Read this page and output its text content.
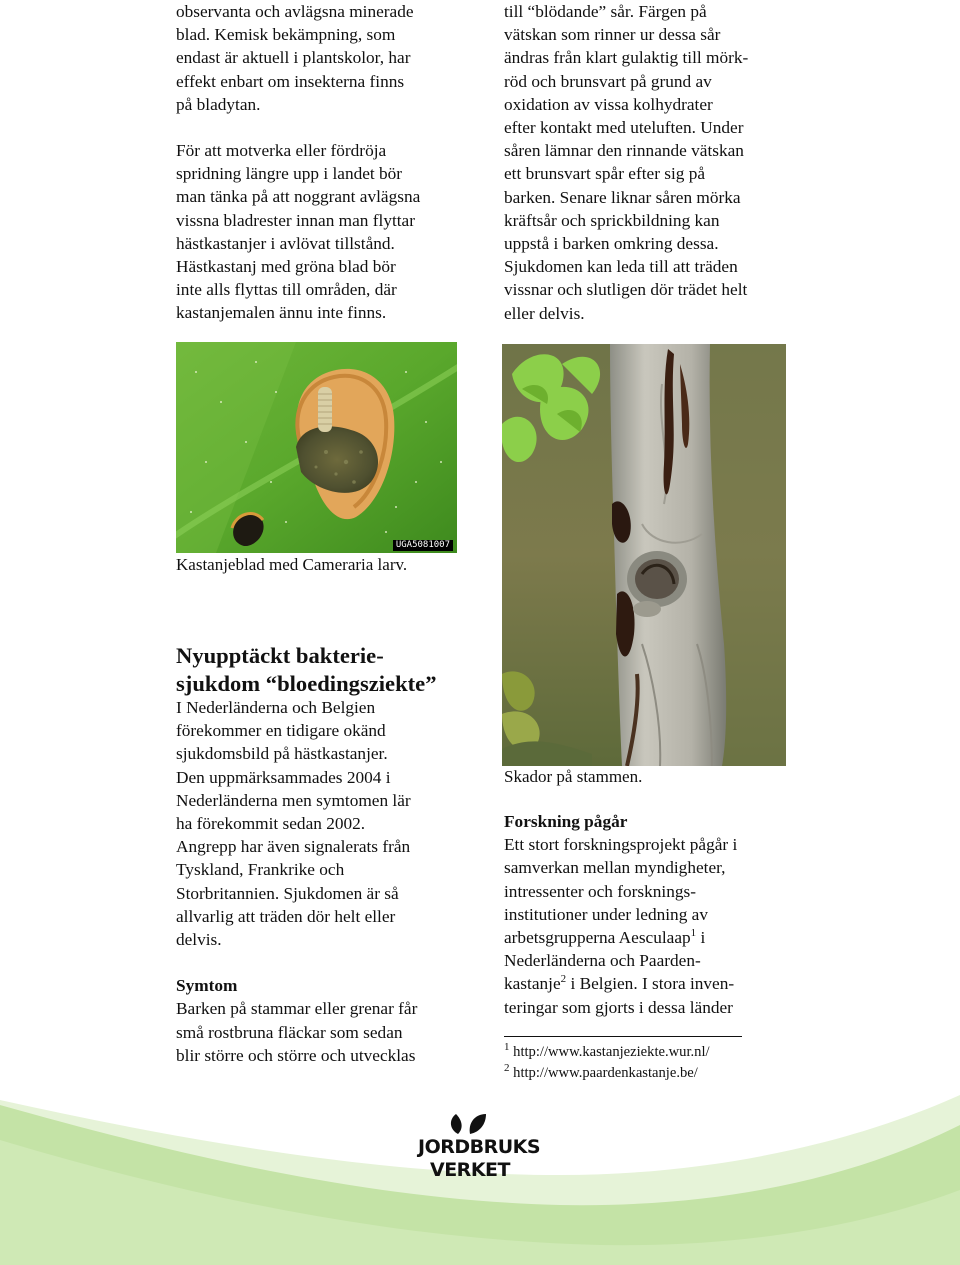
observanta och avlägsna minerade
blad. Kemisk bekämpning, som
endast är aktuell i plantskolor, har
effekt enbart om insekterna finns
på bladytan.
För att motverka eller fördröja
spridning längre upp i landet bör
man tänka på att noggrant avlägsna
vissna bladrester innan man flyttar
hästkastanjer i avlövat tillstånd.
Hästkastanj med gröna blad bör
inte alls flyttas till områden, där
kastanjemalen ännu inte finns.
till “blödande” sår. Färgen på
vätskan som rinner ur dessa sår
ändras från klart gulaktig till mörk-
röd och brunsvart på grund av
oxidation av vissa kolhydrater
efter kontakt med uteluften. Under
såren lämnar den rinnande vätskan
ett brunsvart spår efter sig på
barken. Senare liknar såren mörka
kräftsår och sprickbildning kan
uppstå i barken omkring dessa.
Sjukdomen kan leda till att träden
vissnar och slutligen dör trädet helt
eller delvis.
UGA5081007
Kastanjeblad med Cameraria larv.
Skador på stammen.
Nyupptäckt bakterie-
sjukdom “bloedingsziekte”
I Nederländerna och Belgien
förekommer en tidigare okänd
sjukdomsbild på hästkastanjer.
Den uppmärksammades 2004 i
Nederländerna men symtomen lär
ha förekommit sedan 2002.
Angrepp har även signalerats från
Tyskland, Frankrike och
Storbritannien. Sjukdomen är så
allvarlig att träden dör helt eller
delvis.
Symtom
Barken på stammar eller grenar får
små rostbruna fläckar som sedan
blir större och större och utvecklas
Forskning pågår
Ett stort forskningsprojekt pågår i
samverkan mellan myndigheter,
intressenter och forsknings-
institutioner under ledning av
arbetsgrupperna Aesculaap$^1$ i
Nederländerna och Paarden-
kastanje$^2$ i Belgien. I stora inven-
teringar som gjorts i dessa länder
$^1$ http://www.kastanjeziekte.wur.nl/
$^2$ http://www.paardenkastanje.be/
JORDBRUKS
VERKET
